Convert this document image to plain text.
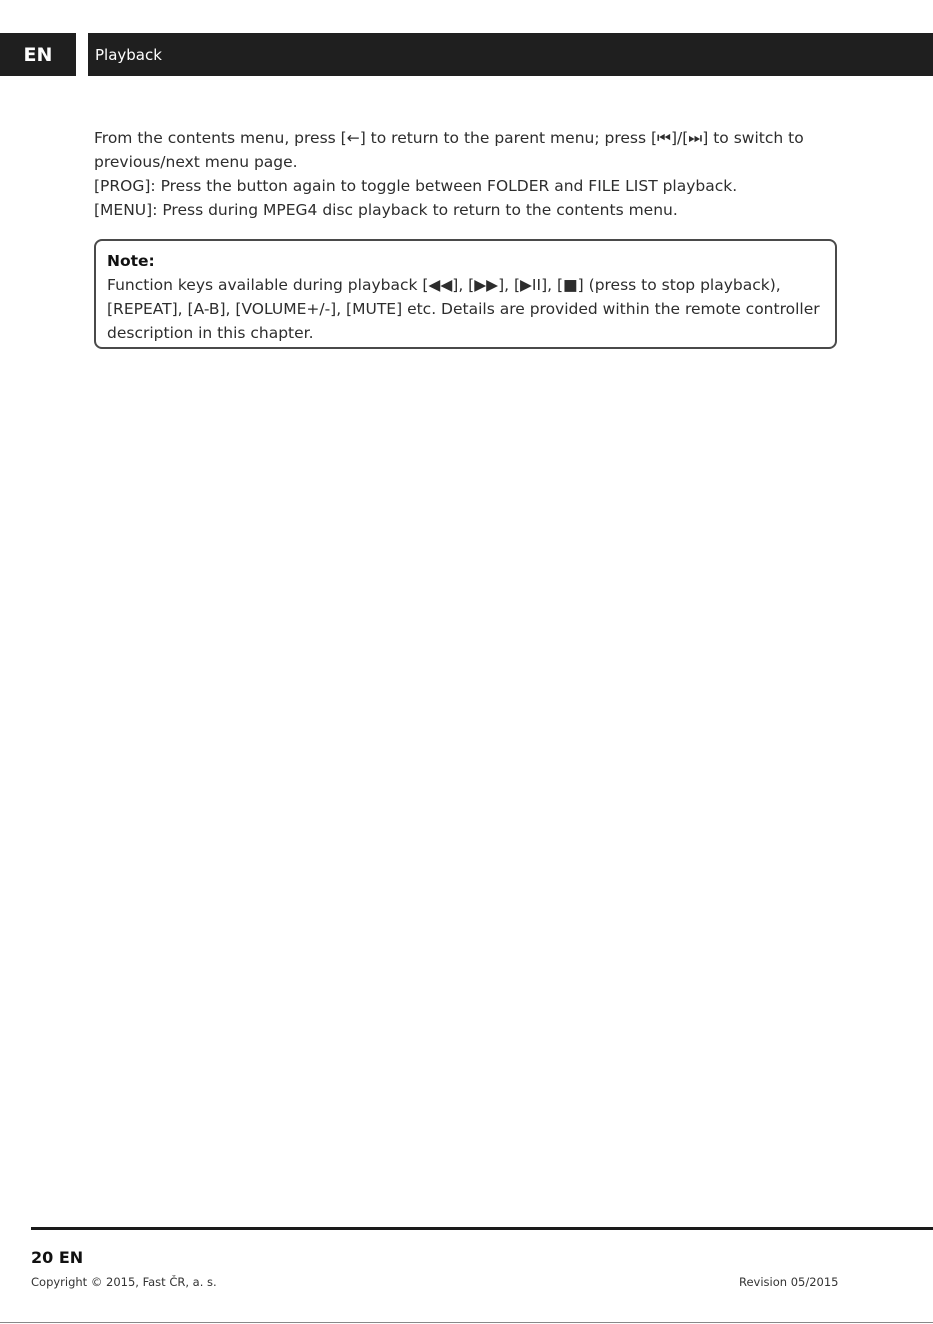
EN	Playback

From the contents menu, press [←] to return to the parent menu; press [⏮]/[⏭] to switch to previous/next menu page.

[PROG]: Press the button again to toggle between FOLDER and FILE LIST playback.

[MENU]: Press during MPEG4 disc playback to return to the contents menu.

Note:

Function keys available during playback [◀◀], [▶▶], [▶II], [■] (press to stop playback), [REPEAT], [A-B], [VOLUME+/-], [MUTE] etc. Details are provided within the remote controller description in this chapter.

20 EN
Copyright © 2015, Fast ČR, a. s.	Revision 05/2015
